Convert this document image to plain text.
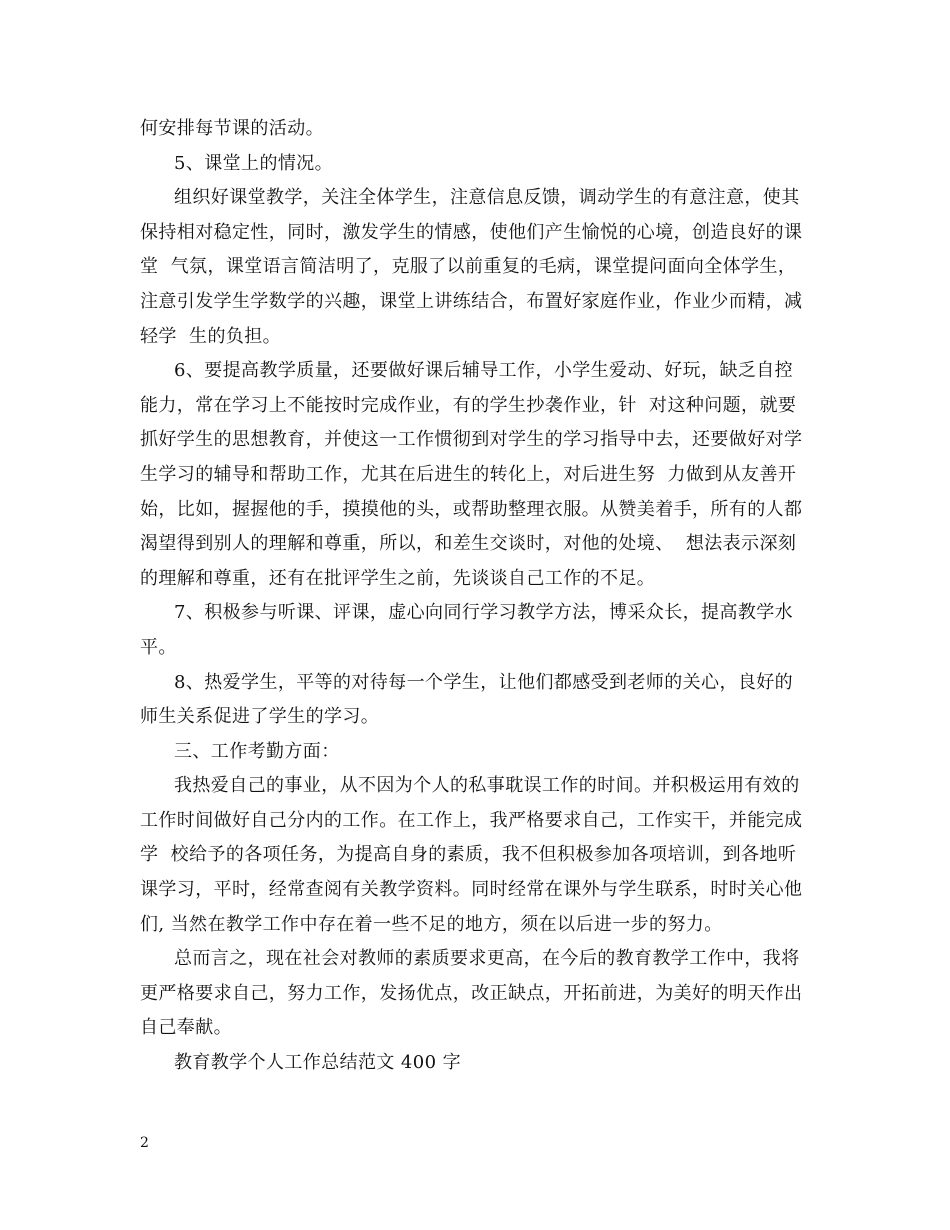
何安排每节课的活动。
5、课堂上的情况。
组织好课堂教学，关注全体学生，注意信息反馈，调动学生的有意注意，使其
保持相对稳定性，同时，激发学生的情感，使他们产生愉悦的心境，创造良好的课
堂  气氛，课堂语言简洁明了，克服了以前重复的毛病，课堂提问面向全体学生，
注意引发学生学数学的兴趣，课堂上讲练结合，布置好家庭作业，作业少而精，减
轻学  生的负担。
6、要提高教学质量，还要做好课后辅导工作，小学生爱动、好玩，缺乏自控
能力，常在学习上不能按时完成作业，有的学生抄袭作业，针  对这种问题，就要
抓好学生的思想教育，并使这一工作惯彻到对学生的学习指导中去，还要做好对学
生学习的辅导和帮助工作，尤其在后进生的转化上，对后进生努  力做到从友善开
始，比如，握握他的手，摸摸他的头，或帮助整理衣服。从赞美着手，所有的人都
渴望得到别人的理解和尊重，所以，和差生交谈时，对他的处境、  想法表示深刻
的理解和尊重，还有在批评学生之前，先谈谈自己工作的不足。
7、积极参与听课、评课，虚心向同行学习教学方法，博采众长，提高教学水
平。
8、热爱学生，平等的对待每一个学生，让他们都感受到老师的关心，良好的
师生关系促进了学生的学习。
三、工作考勤方面：
我热爱自己的事业，从不因为个人的私事耽误工作的时间。并积极运用有效的
工作时间做好自己分内的工作。在工作上，我严格要求自己，工作实干，并能完成
学  校给予的各项任务，为提高自身的素质，我不但积极参加各项培训，到各地听
课学习，平时，经常查阅有关教学资料。同时经常在课外与学生联系，时时关心他
们, 当然在教学工作中存在着一些不足的地方，须在以后进一步的努力。
总而言之，现在社会对教师的素质要求更高，在今后的教育教学工作中，我将
更严格要求自己，努力工作，发扬优点，改正缺点，开拓前进，为美好的明天作出
自己奉献。
教育教学个人工作总结范文 400 字
2
